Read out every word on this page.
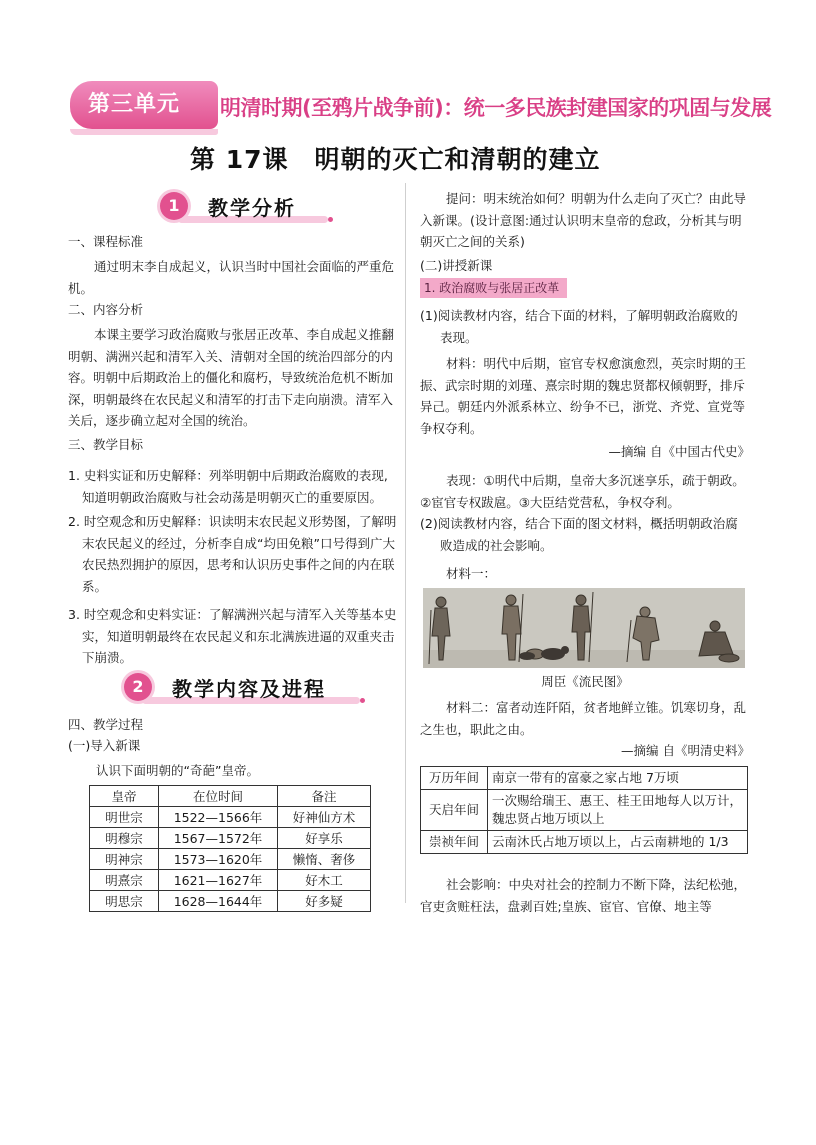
第三单元	明清时期(至鸦片战争前)：统一多民族封建国家的巩固与发展
第 17课　明朝的灭亡和清朝的建立
1	教学分析
一、课程标准
通过明末李自成起义，认识当时中国社会面临的严重危机。
二、内容分析
本课主要学习政治腐败与张居正改革、李自成起义推翻明朝、满洲兴起和清军入关、清朝对全国的统治四部分的内容。明朝中后期政治上的僵化和腐朽，导致统治危机不断加深，明朝最终在农民起义和清军的打击下走向崩溃。清军入关后，逐步确立起对全国的统治。
三、教学目标
1. 史料实证和历史解释：列举明朝中后期政治腐败的表现,知道明朝政治腐败与社会动荡是明朝灭亡的重要原因。
2. 时空观念和历史解释：识读明末农民起义形势图，了解明末农民起义的经过，分析李自成“均田免粮”口号得到广大农民热烈拥护的原因，思考和认识历史事件之间的内在联系。
3. 时空观念和史料实证：了解满洲兴起与清军入关等基本史实，知道明朝最终在农民起义和东北满族进逼的双重夹击下崩溃。
2	教学内容及进程
四、教学过程
(一)导入新课
认识下面明朝的“奇葩”皇帝。
皇帝	在位时间	备注
明世宗	1522—1566年	好神仙方术
明穆宗	1567—1572年	好享乐
明神宗	1573—1620年	懒惰、奢侈
明熹宗	1621—1627年	好木工
明思宗	1628—1644年	好多疑
提问：明末统治如何？明朝为什么走向了灭亡？由此导入新课。(设计意图:通过认识明末皇帝的怠政，分析其与明朝灭亡之间的关系)
(二)讲授新课
1. 政治腐败与张居正改革
(1)阅读教材内容，结合下面的材料，了解明朝政治腐败的表现。
材料：明代中后期，宦官专权愈演愈烈，英宗时期的王振、武宗时期的刘瑾、熹宗时期的魏忠贤都权倾朝野，排斥异己。朝廷内外派系林立、纷争不已，浙党、齐党、宣党等争权夺利。
—摘编 自《中国古代史》
表现：①明代中后期，皇帝大多沉迷享乐，疏于朝政。②宦官专权跋扈。③大臣结党营私，争权夺利。
(2)阅读教材内容，结合下面的图文材料，概括明朝政治腐败造成的社会影响。
材料一：
周臣《流民图》
材料二：富者动连阡陌，贫者地鲜立锥。饥寒切身，乱之生也，职此之由。
—摘编 自《明清史料》
万历年间	南京一带有的富豪之家占地 7万顷
天启年间	一次赐给瑞王、惠王、桂王田地每人以万计，魏忠贤占地万顷以上
崇祯年间	云南沐氏占地万顷以上，占云南耕地的 1/3
社会影响：中央对社会的控制力不断下降，法纪松弛，官吏贪赃枉法，盘剥百姓;皇族、宦官、官僚、地主等
